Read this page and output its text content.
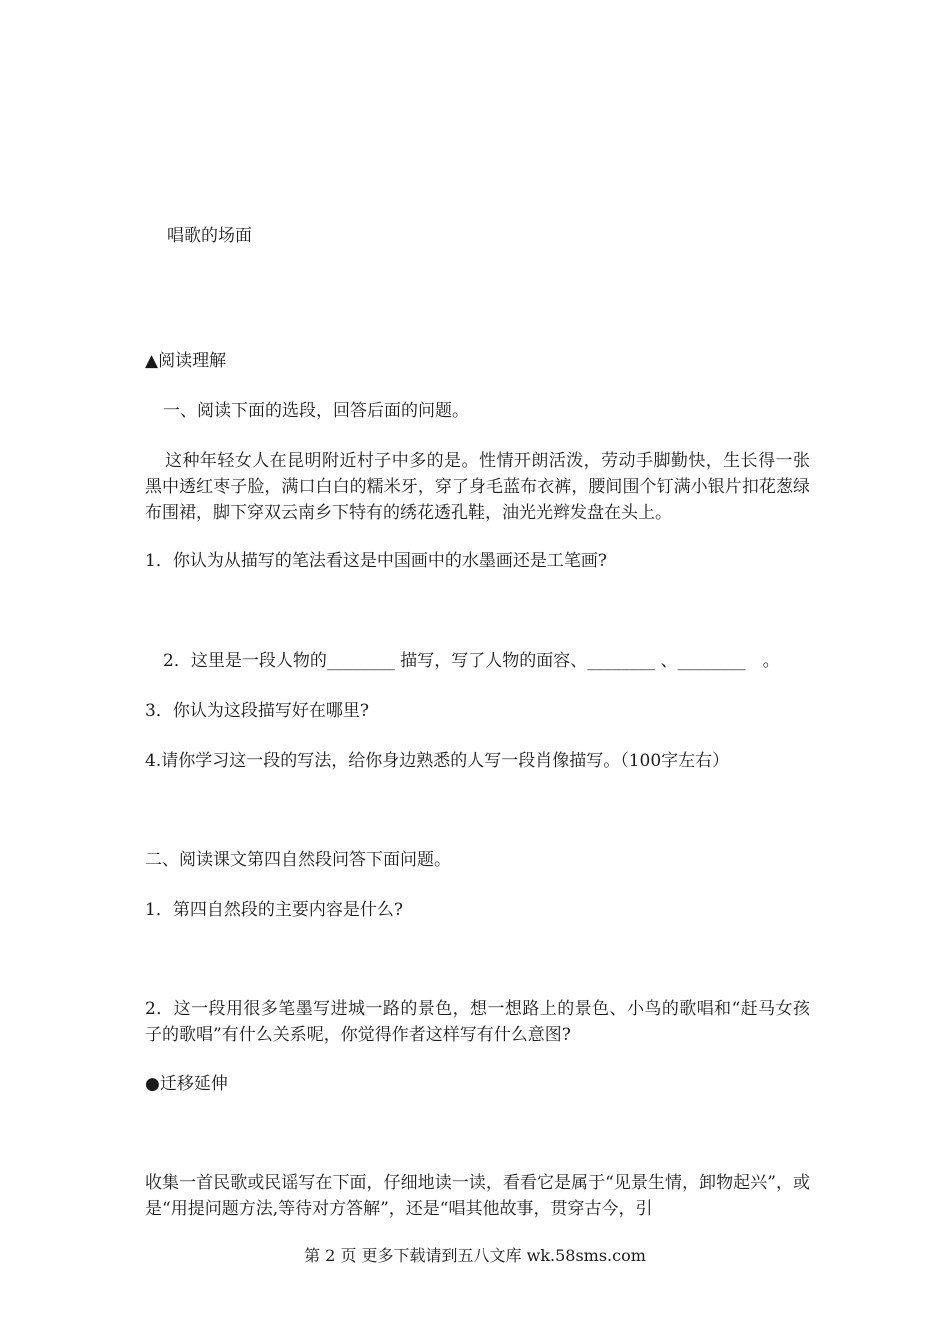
唱歌的场面
▲阅读理解
一、阅读下面的选段，回答后面的问题。
这种年轻女人在昆明附近村子中多的是。性情开朗活泼，劳动手脚勤快，生长得一张黑中透红枣子脸，满口白白的糯米牙，穿了身毛蓝布衣裤，腰间围个钉满小银片扣花葱绿布围裙，脚下穿双云南乡下特有的绣花透孔鞋，油光光辫发盘在头上。
1．你认为从描写的笔法看这是中国画中的水墨画还是工笔画?
2．这里是一段人物的________ 描写，写了人物的面容、________ 、________　。
3．你认为这段描写好在哪里?
4.请你学习这一段的写法，给你身边熟悉的人写一段肖像描写。（100字左右）
二、阅读课文第四自然段问答下面问题。
1．第四自然段的主要内容是什么?
2．这一段用很多笔墨写进城一路的景色，想一想路上的景色、小鸟的歌唱和“赶马女孩子的歌唱”有什么关系呢，你觉得作者这样写有什么意图?
●迁移延伸
收集一首民歌或民谣写在下面，仔细地读一读，看看它是属于“见景生情，卸物起兴”，或是“用提问题方法,等待对方答解”，还是“唱其他故事，贯穿古今，引
第 2 页 更多下载请到五八文库 wk.58sms.com
